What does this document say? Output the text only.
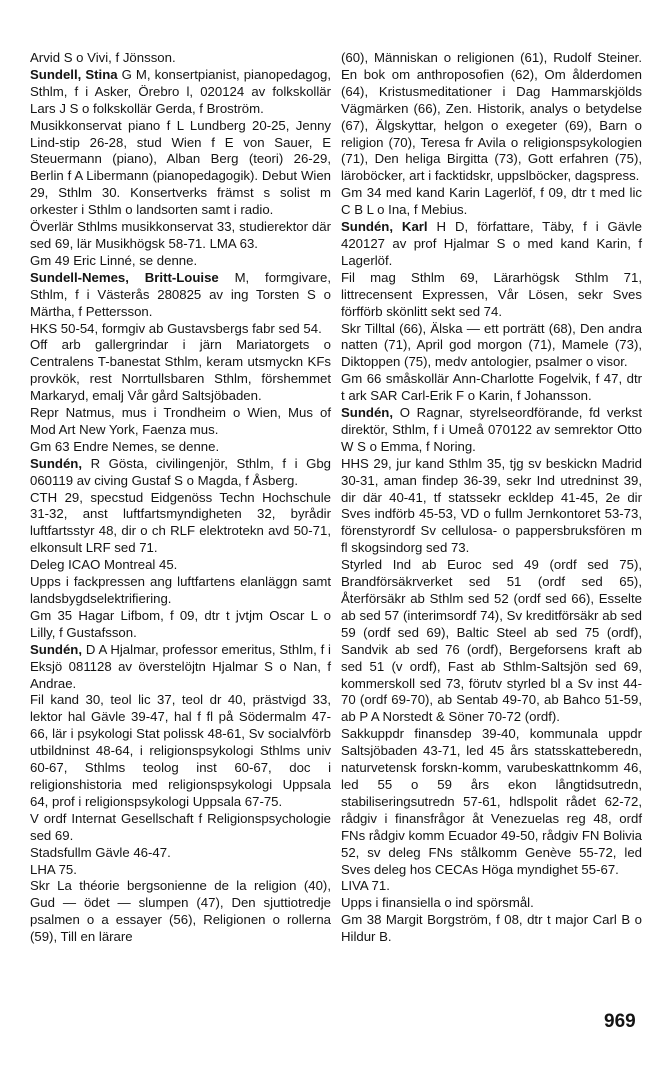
Arvid S o Vivi, f Jönsson.

Sundell, Stina G M, konsertpianist, pianopedagog, Sthlm, f i Asker, Örebro l, 020124 av folkskollär Lars J S o folkskollär Gerda, f Broström.

Musikkonservat piano f L Lundberg 20-25, Jenny Lind-stip 26-28, stud Wien f E von Sauer, E Steuermann (piano), Alban Berg (teori) 26-29, Berlin f A Libermann (pianopedagogik). Debut Wien 29, Sthlm 30. Konsertverks främst s solist m orkester i Sthlm o landsorten samt i radio.

Överlär Sthlms musikkonservat 33, studierektor där sed 69, lär Musikhögsk 58-71. LMA 63.

Gm 49 Eric Linné, se denne.

Sundell-Nemes, Britt-Louise M, formgivare, Sthlm, f i Västerås 280825 av ing Torsten S o Märtha, f Pettersson.

HKS 50-54, formgiv ab Gustavsbergs fabr sed 54.

Off arb gallergrindar i järn Mariatorgets o Centralens T-banestat Sthlm, keram utsmyckn KFs provkök, rest Norrtullsbaren Sthlm, förshemmet Markaryd, emalj Vår gård Saltsjöbaden.

Repr Natmus, mus i Trondheim o Wien, Mus of Mod Art New York, Faenza mus.

Gm 63 Endre Nemes, se denne.

Sundén, R Gösta, civilingenjör, Sthlm, f i Gbg 060119 av civing Gustaf S o Magda, f Åsberg.

CTH 29, specstud Eidgenöss Techn Hochschule 31-32, anst luftfartsmyndigheten 32, byrådir luftfartsstyr 48, dir o ch RLF elektrotekn avd 50-71, elkonsult LRF sed 71.

Deleg ICAO Montreal 45.

Upps i fackpressen ang luftfartens elanläggn samt landsbygdselektrifiering.

Gm 35 Hagar Lifbom, f 09, dtr t jvtjm Oscar L o Lilly, f Gustafsson.

Sundén, D A Hjalmar, professor emeritus, Sthlm, f i Eksjö 081128 av överstelöjtn Hjalmar S o Nan, f Andrae.

Fil kand 30, teol lic 37, teol dr 40, prästvigd 33, lektor hal Gävle 39-47, hal f fl på Södermalm 47-66, lär i psykologi Stat polissk 48-61, Sv socialvförb utbildninst 48-64, i religionspsykologi Sthlms univ 60-67, Sthlms teolog inst 60-67, doc i religionshistoria med religionspsykologi Uppsala 64, prof i religionspsykologi Uppsala 67-75.

V ordf Internat Gesellschaft f Religionspsychologie sed 69.

Stadsfullm Gävle 46-47.

LHA 75.

Skr La théorie bergsonienne de la religion (40), Gud — ödet — slumpen (47), Den sjuttiotredje psalmen o a essayer (56), Religionen o rollerna (59), Till en lärare

(60), Människan o religionen (61), Rudolf Steiner. En bok om anthroposofien (62), Om ålderdomen (64), Kristusmeditationer i Dag Hammarskjölds Vägmärken (66), Zen. Historik, analys o betydelse (67), Älgskyttar, helgon o exegeter (69), Barn o religion (70), Teresa fr Avila o religionspsykologien (71), Den heliga Birgitta (73), Gott erfahren (75), läroböcker, art i facktidskr, uppslböcker, dagspress.

Gm 34 med kand Karin Lagerlöf, f 09, dtr t med lic C B L o Ina, f Mebius.

Sundén, Karl H D, författare, Täby, f i Gävle 420127 av prof Hjalmar S o med kand Karin, f Lagerlöf.

Fil mag Sthlm 69, Lärarhögsk Sthlm 71, littrecensent Expressen, Vår Lösen, sekr Sves förfförb skönlitt sekt sed 74.

Skr Tilltal (66), Älska — ett porträtt (68), Den andra natten (71), April god morgon (71), Mamele (73), Diktoppen (75), medv antologier, psalmer o visor.

Gm 66 småskollär Ann-Charlotte Fogelvik, f 47, dtr t ark SAR Carl-Erik F o Karin, f Johansson.

Sundén, O Ragnar, styrelseordförande, fd verkst direktör, Sthlm, f i Umeå 070122 av semrektor Otto W S o Emma, f Noring.

HHS 29, jur kand Sthlm 35, tjg sv beskickn Madrid 30-31, aman findep 36-39, sekr Ind utredninst 39, dir där 40-41, tf statssekr eckldep 41-45, 2e dir Sves indförb 45-53, VD o fullm Jernkontoret 53-73, förenstyrordf Sv cellulosa- o pappersbruksfören m fl skogsindorg sed 73.

Styrled Ind ab Euroc sed 49 (ordf sed 75), Brandförsäkrverket sed 51 (ordf sed 65), Återförsäkr ab Sthlm sed 52 (ordf sed 66), Esselte ab sed 57 (interimsordf 74), Sv kreditförsäkr ab sed 59 (ordf sed 69), Baltic Steel ab sed 75 (ordf), Sandvik ab sed 76 (ordf), Bergeforsens kraft ab sed 51 (v ordf), Fast ab Sthlm-Saltsjön sed 69, kommerskoll sed 73, förutv styrled bl a Sv inst 44-70 (ordf 69-70), ab Sentab 49-70, ab Bahco 51-59, ab P A Norstedt & Söner 70-72 (ordf).

Sakkuppdr finansdep 39-40, kommunala uppdr Saltsjöbaden 43-71, led 45 års statsskatteberedn, naturvetensk forskn-komm, varubeskattnkomm 46, led 55 o 59 års ekon långtidsutredn, stabiliseringsutredn 57-61, hdlspolit rådet 62-72, rådgiv i finansfrågor åt Venezuelas reg 48, ordf FNs rådgiv komm Ecuador 49-50, rådgiv FN Bolivia 52, sv deleg FNs stålkomm Genève 55-72, led Sves deleg hos CECAs Höga myndighet 55-67.

LIVA 71.

Upps i finansiella o ind spörsmål.

Gm 38 Margit Borgström, f 08, dtr t major Carl B o Hildur B.

969
